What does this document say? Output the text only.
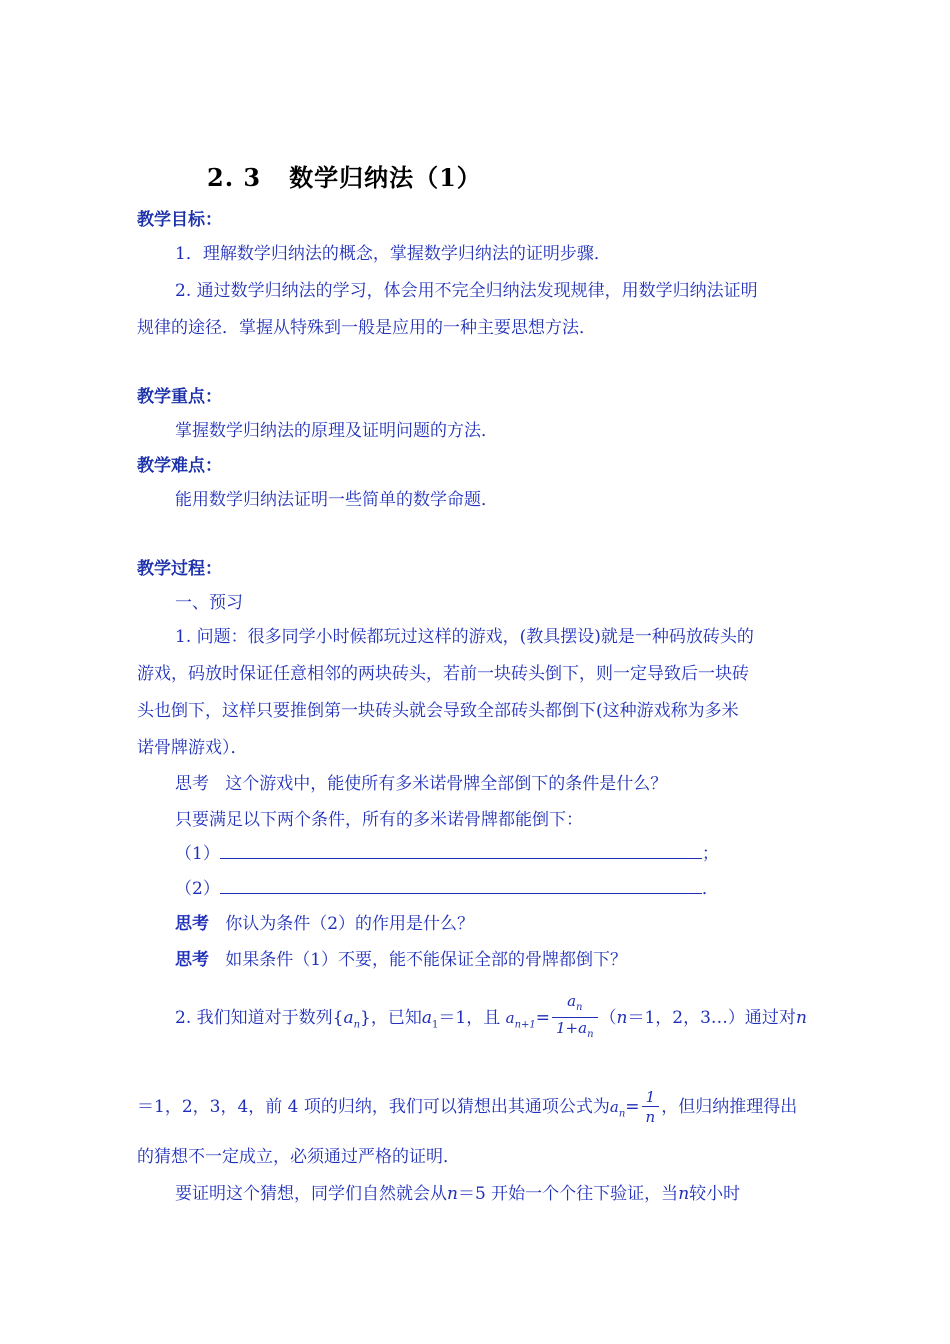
2. 3 数学归纳法（1）
教学目标：
1．理解数学归纳法的概念，掌握数学归纳法的证明步骤．
2. 通过数学归纳法的学习，体会用不完全归纳法发现规律，用数学归纳法证明
规律的途径．掌握从特殊到一般是应用的一种主要思想方法．
教学重点：
掌握数学归纳法的原理及证明问题的方法．
教学难点：
能用数学归纳法证明一些简单的数学命题．
教学过程：
一、预习
1. 问题：很多同学小时候都玩过这样的游戏，(教具摆设)就是一种码放砖头的
游戏，码放时保证任意相邻的两块砖头，若前一块砖头倒下，则一定导致后一块砖
头也倒下，这样只要推倒第一块砖头就会导致全部砖头都倒下(这种游戏称为多米
诺骨牌游戏）．
思考 这个游戏中，能使所有多米诺骨牌全部倒下的条件是什么？
只要满足以下两个条件，所有的多米诺骨牌都能倒下：
（1）	；
（2）	．
思考 你认为条件（2）的作用是什么？
思考 如果条件（1）不要，能不能保证全部的骨牌都倒下？
2. 我们知道对于数列$\{a_n\}$，已知$a_1=1$，且 $a_{n+1}= \frac{a_n}{1+a_n} (n=1$，2，3…）通过对n
＝1，2，3，4，前 4 项的归纳，我们可以猜想出其通项公式为$a_n= \frac{1}{n}$ ，但归纳推理得出
的猜想不一定成立，必须通过严格的证明．
要证明这个猜想，同学们自然就会从n＝5 开始一个个往下验证，当n较小时
